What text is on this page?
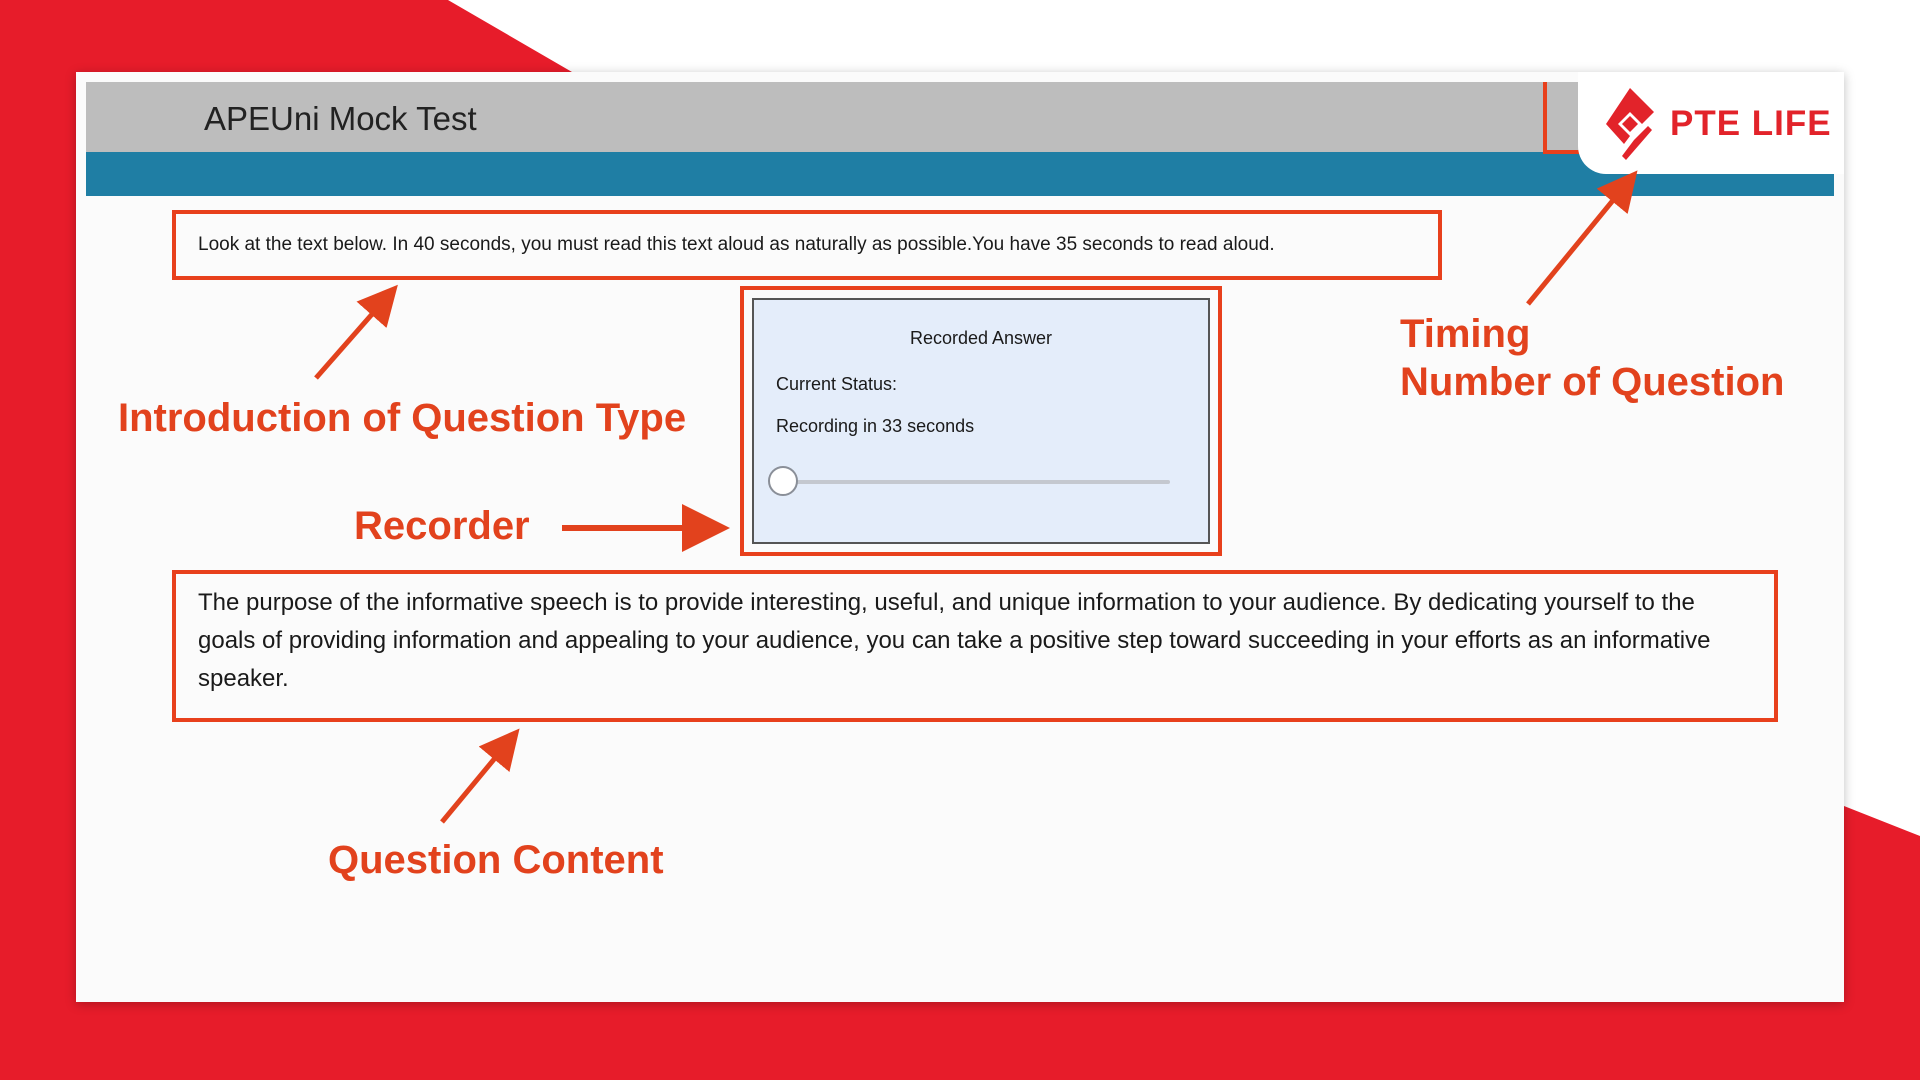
APEUni Mock Test	PTE LIFE
Look at the text below. In 40 seconds, you must read this text aloud as naturally as possible.You have 35 seconds to read aloud.
Recorded Answer
Current Status:
Recording in 33 seconds
The purpose of the informative speech is to provide interesting, useful, and unique information to your audience. By dedicating yourself to the goals of providing information and appealing to your audience, you can take a positive step toward succeeding in your efforts as an informative speaker.
Introduction of Question Type
Recorder
Timing
Number of Question
Question Content
